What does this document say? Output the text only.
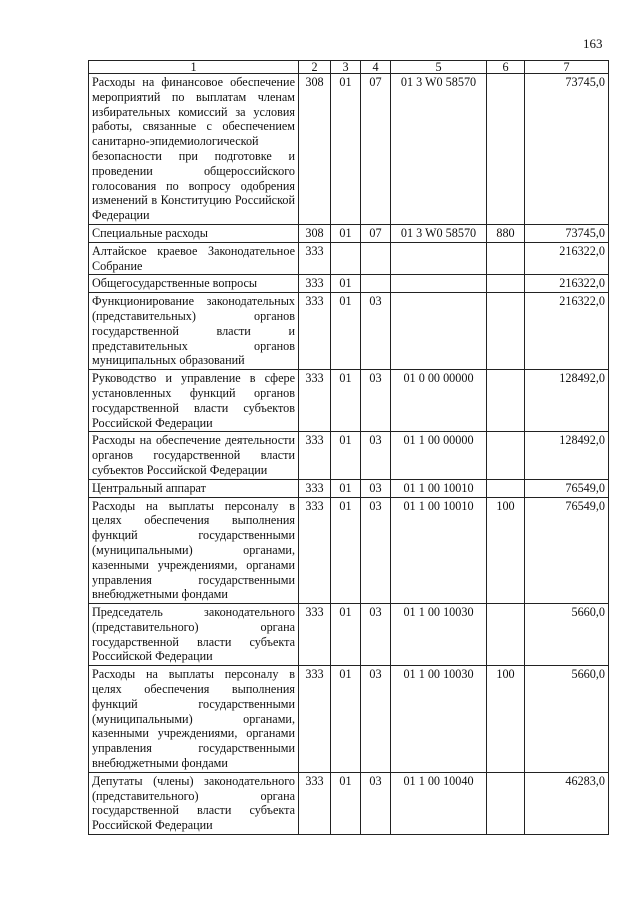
163
1	2	3	4	5	6	7
Расходы на финансовое обеспечение мероприятий по выплатам членам избирательных комиссий за условия работы, связанные с обеспечением санитарно-эпидемиологической безопасности при подготовке и проведении общероссийского голосования по вопросу одобрения изменений в Конституцию Российской Федерации	308	01	07	01 3 W0 58570		73745,0
Специальные расходы	308	01	07	01 3 W0 58570	880	73745,0
Алтайское краевое Законодательное Собрание	333					216322,0
Общегосударственные вопросы	333	01				216322,0
Функционирование законодательных (представительных) органов государственной власти и представительных органов муниципальных образований	333	01	03			216322,0
Руководство и управление в сфере установленных функций органов государственной власти субъектов Российской Федерации	333	01	03	01 0 00 00000		128492,0
Расходы на обеспечение деятельности органов государственной власти субъектов Российской Федерации	333	01	03	01 1 00 00000		128492,0
Центральный аппарат	333	01	03	01 1 00 10010		76549,0
Расходы на выплаты персоналу в целях обеспечения выполнения функций государственными (муниципальными) органами, казенными учреждениями, органами управления государственными внебюджетными фондами	333	01	03	01 1 00 10010	100	76549,0
Председатель законодательного (представительного) органа государственной власти субъекта Российской Федерации	333	01	03	01 1 00 10030		5660,0
Расходы на выплаты персоналу в целях обеспечения выполнения функций государственными (муниципальными) органами, казенными учреждениями, органами управления государственными внебюджетными фондами	333	01	03	01 1 00 10030	100	5660,0
Депутаты (члены) законодательного (представительного) органа государственной власти субъекта Российской Федерации	333	01	03	01 1 00 10040		46283,0
